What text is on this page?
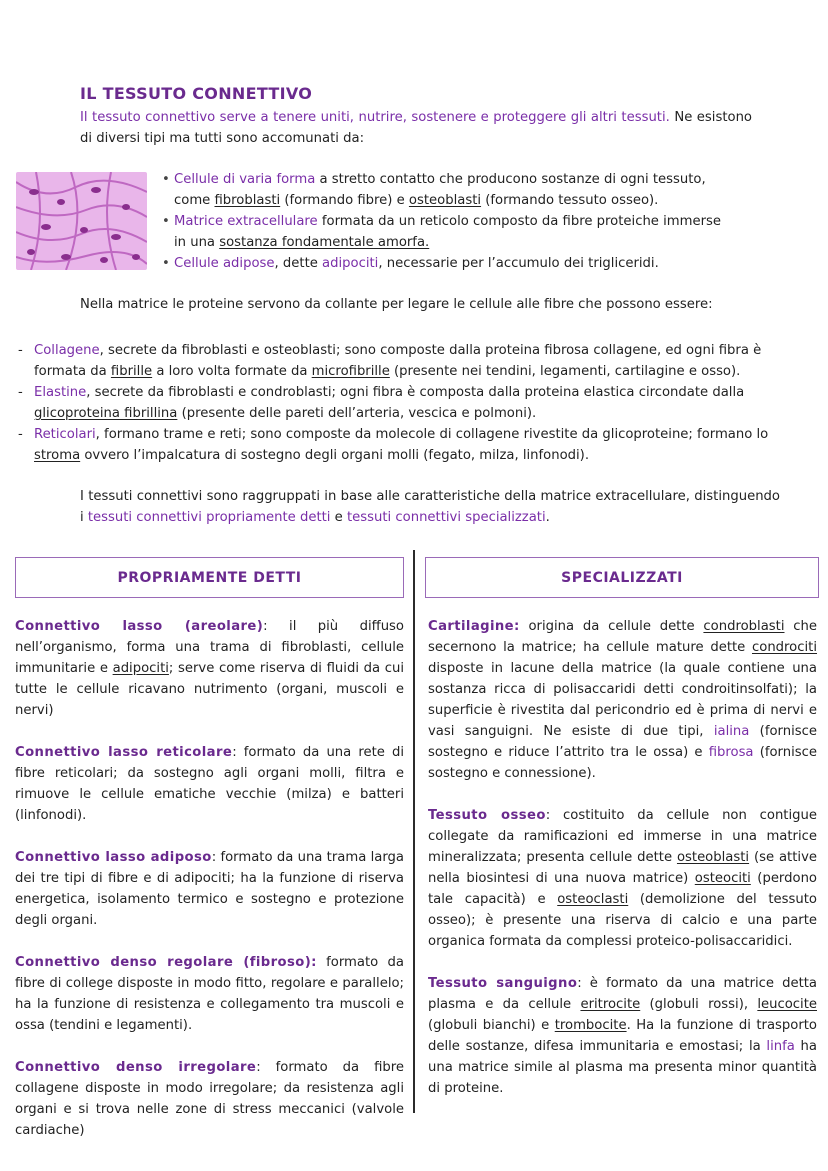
IL TESSUTO CONNETTIVO
Il tessuto connettivo serve a tenere uniti, nutrire, sostenere e proteggere gli altri tessuti. Ne esistono di diversi tipi ma tutti sono accomunati da:
• Cellule di varia forma a stretto contatto che producono sostanze di ogni tessuto,
come fibroblasti (formando fibre) e osteoblasti (formando tessuto osseo).
• Matrice extracellulare formata da un reticolo composto da fibre proteiche immerse
in una sostanza fondamentale amorfa.
• Cellule adipose, dette adipociti, necessarie per l’accumulo dei trigliceridi.
Nella matrice le proteine servono da collante per legare le cellule alle fibre che possono essere:
- Collagene, secrete da fibroblasti e osteoblasti; sono composte dalla proteina fibrosa collagene, ed ogni fibra è formata da fibrille a loro volta formate da microfibrille (presente nei tendini, legamenti, cartilagine e osso).
- Elastine, secrete da fibroblasti e condroblasti; ogni fibra è composta dalla proteina elastica circondate dalla glicoproteina fibrillina (presente delle pareti dell’arteria, vescica e polmoni).
- Reticolari, formano trame e reti; sono composte da molecole di collagene rivestite da glicoproteine; formano lo stroma ovvero l’impalcatura di sostegno degli organi molli (fegato, milza, linfonodi).
I tessuti connettivi sono raggruppati in base alle caratteristiche della matrice extracellulare, distinguendo i tessuti connettivi propriamente detti e tessuti connettivi specializzati.
PROPRIAMENTE DETTI	SPECIALIZZATI

Connettivo lasso (areolare): il più diffuso nell’organismo, forma una trama di fibroblasti, cellule immunitarie e adipociti; serve come riserva di fluidi da cui tutte le cellule ricavano nutrimento (organi, muscoli e nervi)

Connettivo lasso reticolare: formato da una rete di fibre reticolari; da sostegno agli organi molli, filtra e rimuove le cellule ematiche vecchie (milza) e batteri (linfonodi).

Connettivo lasso adiposo: formato da una trama larga dei tre tipi di fibre e di adipociti; ha la funzione di riserva energetica, isolamento termico e sostegno e protezione degli organi.

Connettivo denso regolare (fibroso): formato da fibre di college disposte in modo fitto, regolare e parallelo; ha la funzione di resistenza e collegamento tra muscoli e ossa (tendini e legamenti).

Connettivo denso irregolare: formato da fibre collagene disposte in modo irregolare; da resistenza agli organi e si trova nelle zone di stress meccanici (valvole cardiache)

Cartilagine: origina da cellule dette condroblasti che secernono la matrice; ha cellule mature dette condrociti disposte in lacune della matrice (la quale contiene una sostanza ricca di polisaccaridi detti condroitinsolfati); la superficie è rivestita dal pericondrio ed è prima di nervi e vasi sanguigni. Ne esiste di due tipi, ialina (fornisce sostegno e riduce l’attrito tra le ossa) e fibrosa (fornisce sostegno e connessione).

Tessuto osseo: costituito da cellule non contigue collegate da ramificazioni ed immerse in una matrice mineralizzata; presenta cellule dette osteoblasti (se attive nella biosintesi di una nuova matrice) osteociti (perdono tale capacità) e osteoclasti (demolizione del tessuto osseo); è presente una riserva di calcio e una parte organica formata da complessi proteico-polisaccaridici.

Tessuto sanguigno: è formato da una matrice detta plasma e da cellule eritrocite (globuli rossi), leucocite (globuli bianchi) e trombocite. Ha la funzione di trasporto delle sostanze, difesa immunitaria e emostasi; la linfa ha una matrice simile al plasma ma presenta minor quantità di proteine.
